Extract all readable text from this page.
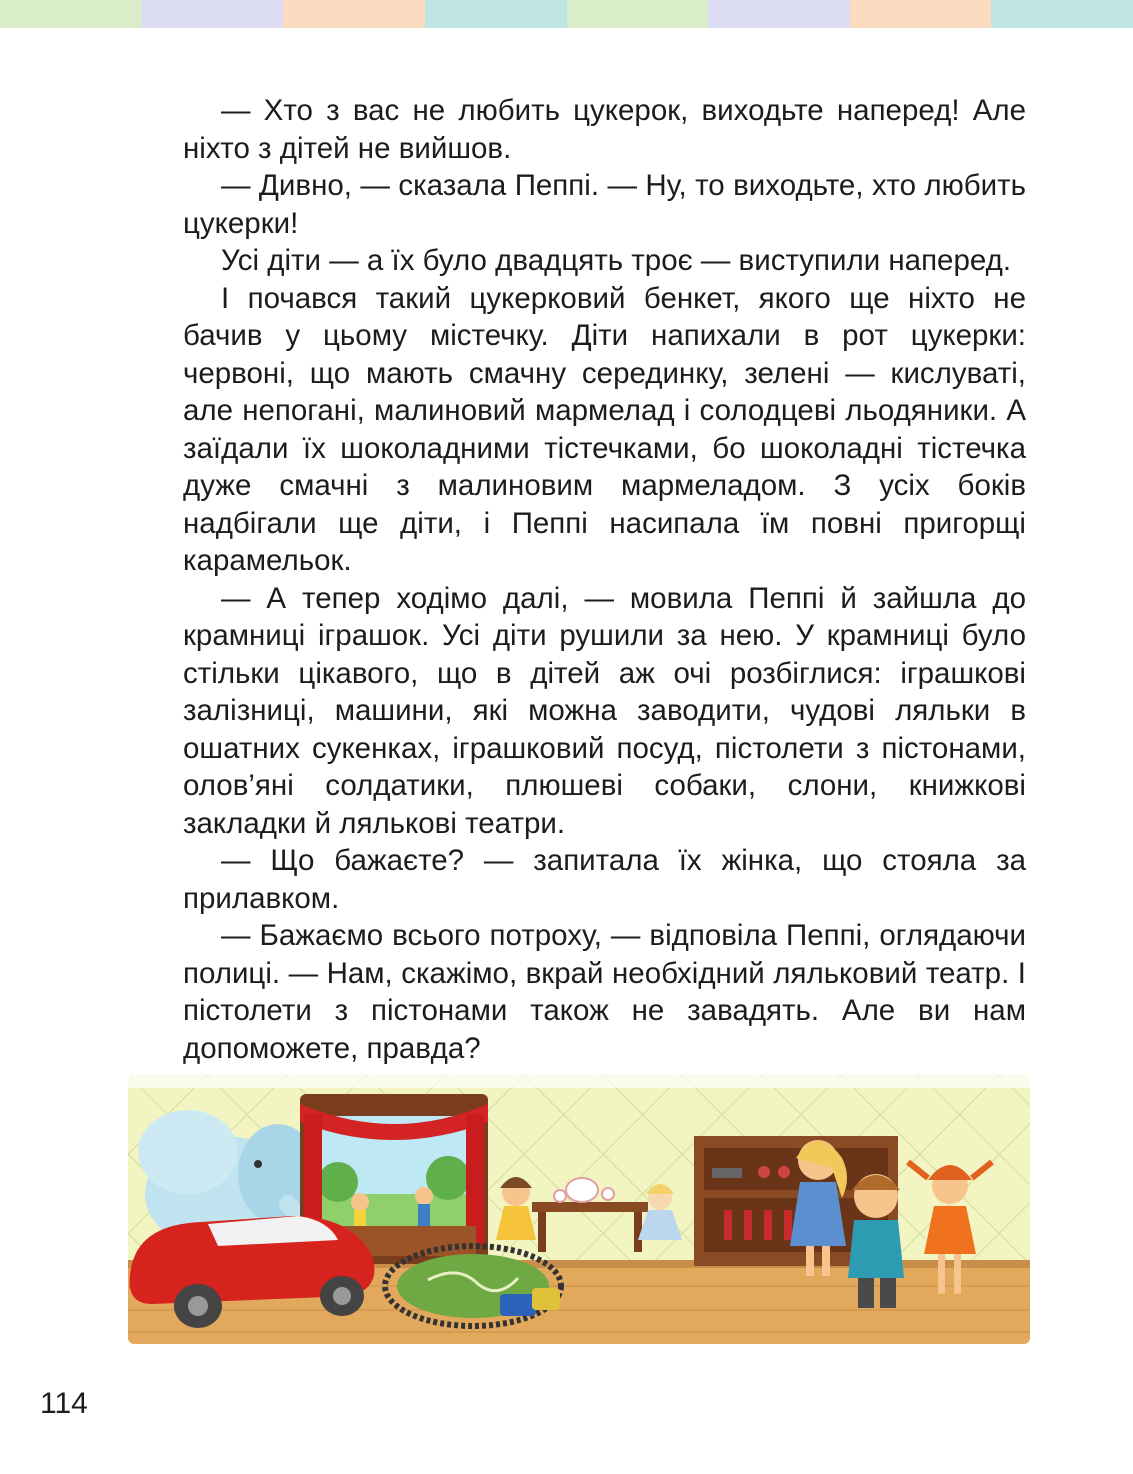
— Хто з вас не любить цукерок, виходьте наперед! Але ніхто з дітей не вийшов.

— Дивно, — сказала Пеппі. — Ну, то виходьте, хто любить цукерки!

Усі діти — а їх було двадцять троє — виступили наперед.

І почався такий цукерковий бенкет, якого ще ніхто не бачив у цьому містечку. Діти напихали в рот цукерки: червоні, що мають смачну серединку, зелені — кислуваті, але непогані, малиновий мармелад і солодцеві льодяники. А заїдали їх шоколадними тістечками, бо шоколадні тістечка дуже смачні з малиновим мармеладом. З усіх боків надбігали ще діти, і Пеппі насипала їм повні пригорщі карамельок.

— А тепер ходімо далі, — мовила Пеппі й зайшла до крамниці іграшок. Усі діти рушили за нею. У крамниці було стільки цікавого, що в дітей аж очі розбіглися: іграшкові залізниці, машини, які можна заводити, чудові ляльки в ошатних сукенках, іграшковий посуд, пістолети з пістонами, олов’яні солдатики, плюшеві собаки, слони, книжкові закладки й лялькові театри.

— Що бажаєте? — запитала їх жінка, що стояла за прилавком.

— Бажаємо всього потроху, — відповіла Пеппі, оглядаючи полиці. — Нам, скажімо, вкрай необхідний ляльковий театр. І пістолети з пістонами також не завадять. Але ви нам допоможете, правда?

114
